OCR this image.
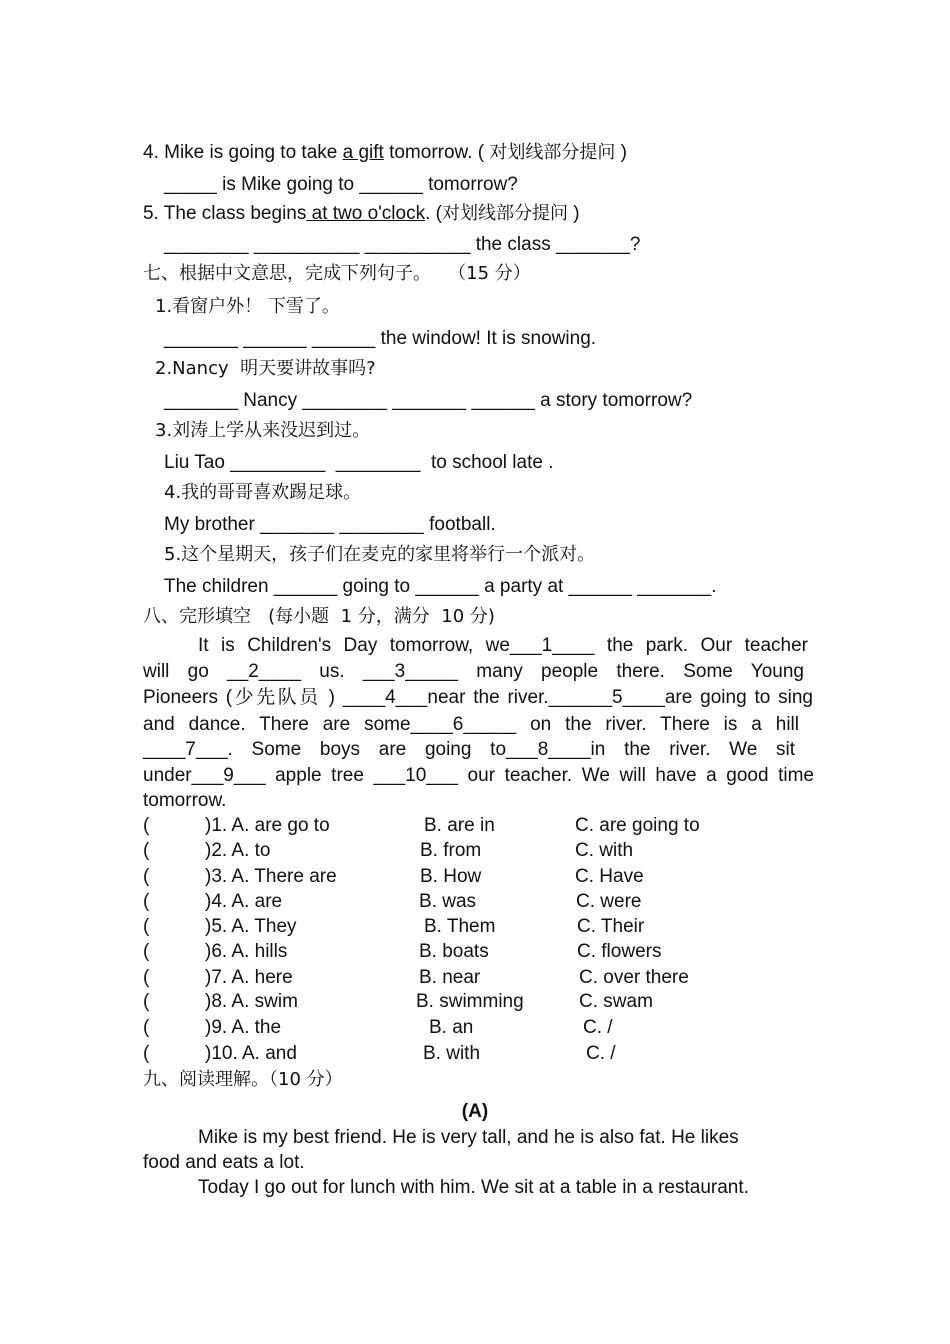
4. Mike is going to take a gift tomorrow. ( 对划线部分提问 )
_____ is Mike going to ______ tomorrow?
5. The class begins at two o'clock. (对划线部分提问 )
________ __________ __________ the class _______?
七、根据中文意思，完成下列句子。   （15 分）
1.看窗户外！ 下雪了。
_______ ______ ______ the window! It is snowing.
2.Nancy  明天要讲故事吗?
_______ Nancy ________ _______ ______ a story tomorrow?
3.刘涛上学从来没迟到过。
Liu Tao _________  ________  to school late .
4.我的哥哥喜欢踢足球。
My brother _______ ________ football.
5.这个星期天，孩子们在麦克的家里将举行一个派对。
The children ______ going to ______ a party at ______ _______.
八、完形填空   (每小题  1 分，满分  10 分)
It is Children's Day tomorrow, we___1____ the park. Our teacher
will go __2____ us. ___3_____ many people there. Some Young
Pioneers (少先队员 ) ____4___near the river.______5____are going to sing
and dance. There are some____6_____ on the river. There is a hill
____7___. Some boys are going to___8____in the river. We sit
under___9___ apple tree ___10___ our teacher. We will have a good time
tomorrow.
(	)1. A. are go to	B. are in	C. are going to
(	)2. A. to	B. from	C. with
(	)3. A. There are	B. How	C. Have
(	)4. A. are	B. was	C. were
(	)5. A. They	B. Them	C. Their
(	)6. A. hills	B. boats	C. flowers
(	)7. A. here	B. near	C. over there
(	)8. A. swim	B. swimming	C. swam
(	)9. A. the	B. an	C. /
(	)10. A. and	B. with	C. /
九、阅读理解。（10 分）
(A)
Mike is my best friend. He is very tall, and he is also fat. He likes
food and eats a lot.
Today I go out for lunch with him. We sit at a table in a restaurant.
